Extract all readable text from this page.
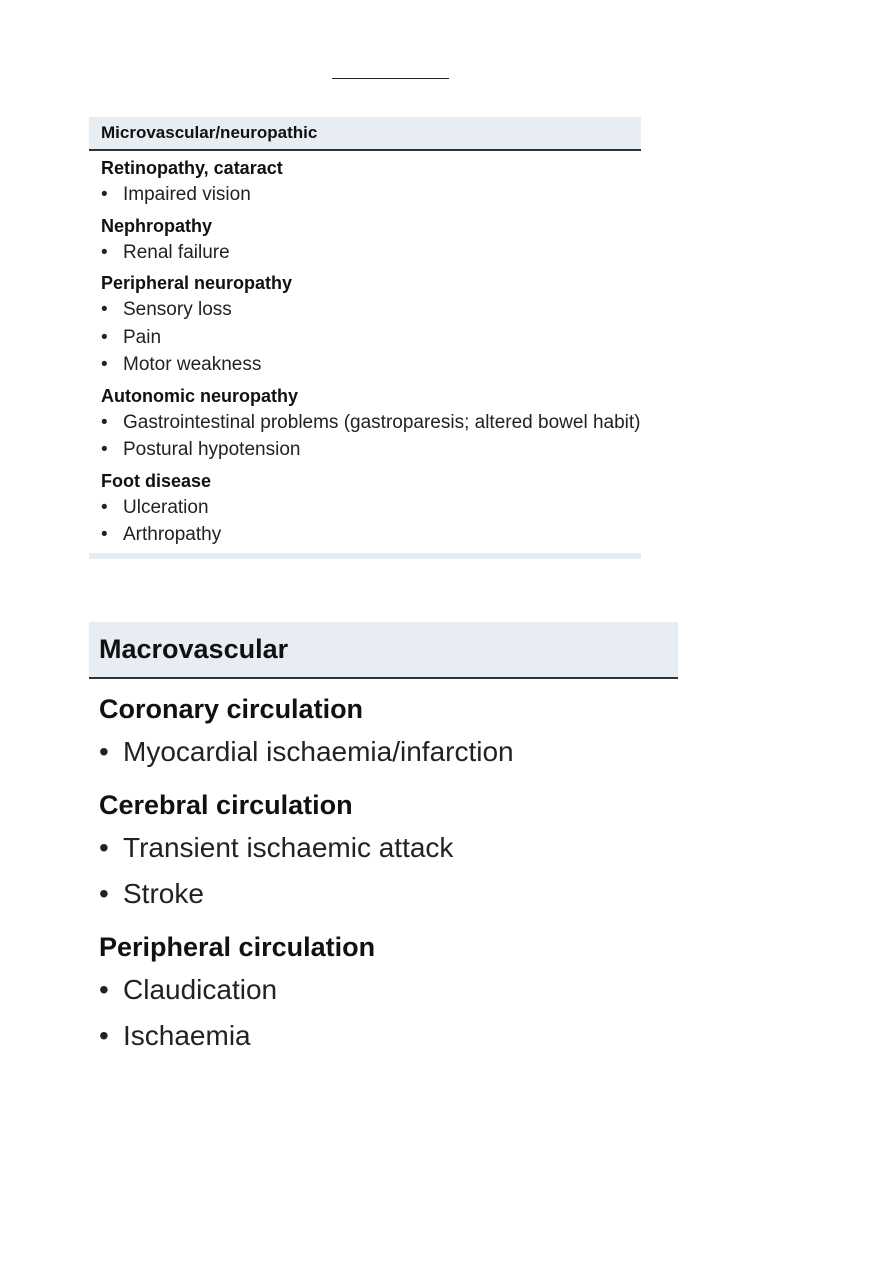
Microvascular/neuropathic
Retinopathy, cataract
• Impaired vision
Nephropathy
• Renal failure
Peripheral neuropathy
• Sensory loss
• Pain
• Motor weakness
Autonomic neuropathy
• Gastrointestinal problems (gastroparesis; altered bowel habit)
• Postural hypotension
Foot disease
• Ulceration
• Arthropathy
Macrovascular
Coronary circulation
• Myocardial ischaemia/infarction
Cerebral circulation
• Transient ischaemic attack
• Stroke
Peripheral circulation
• Claudication
• Ischaemia
